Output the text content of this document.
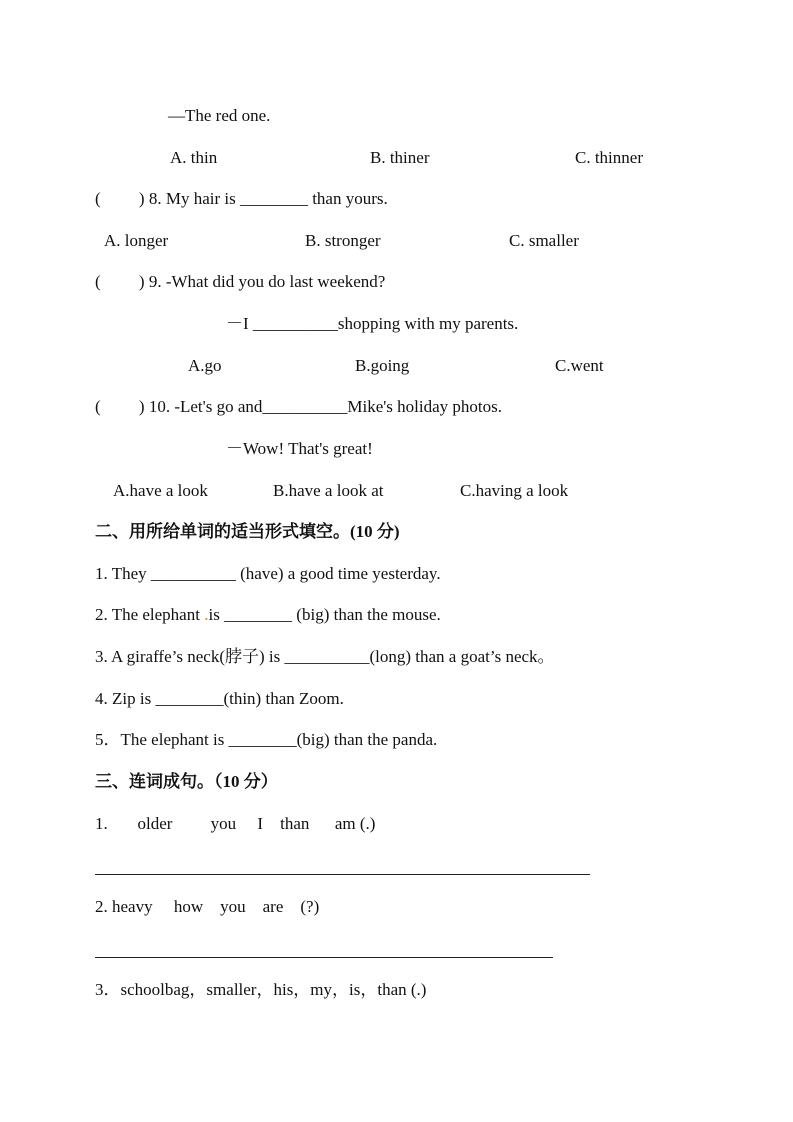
—The red one.
A. thin	B. thiner	C. thinner
(         ) 8. My hair is ________ than yours.
A. longer	B. stronger	C. smaller
(         ) 9. -What did you do last weekend?
－I __________shopping with my parents.
A.go	B.going	C.went
(         ) 10. -Let's go and__________Mike's holiday photos.
－Wow! That's great!
A.have a look	B.have a look at	C.having a look
二、用所给单词的适当形式填空。(10 分)
1. They __________ (have) a good time yesterday.
2. The elephant .is ________ (big) than the mouse.
3. A giraffe’s neck(脖子) is __________(long) than a goat’s neck。
4. Zip is ________(thin) than Zoom.
5．The elephant is ________(big) than the panda.
三、连词成句。（10 分）
1.       older         you     I    than      am (.)
2. heavy     how    you    are    (?)
3．schoolbag，smaller，his，my，is，than (.)
